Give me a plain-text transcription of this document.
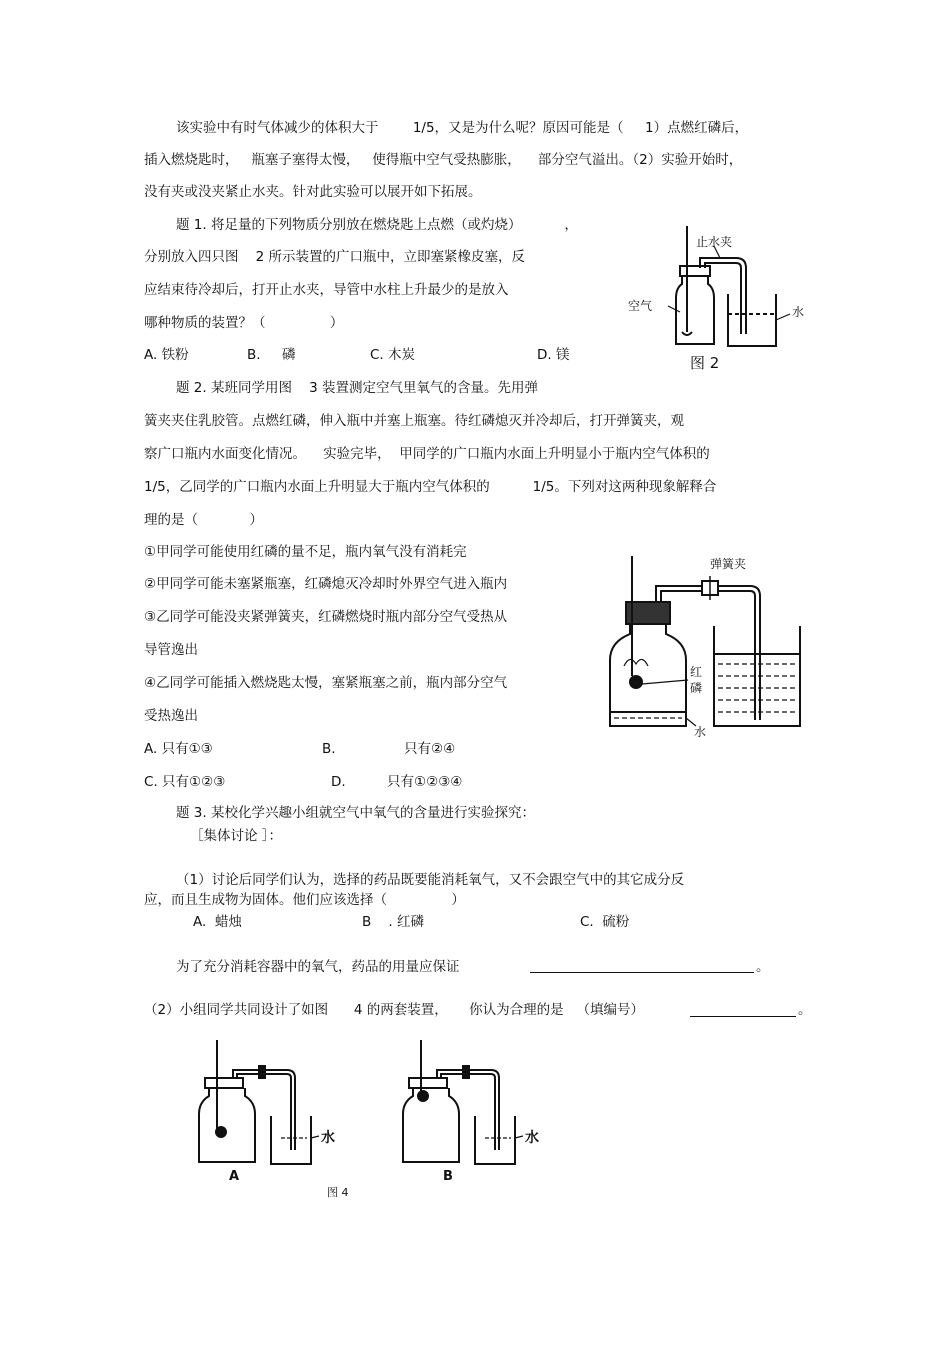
该实验中有时气体减少的体积大于        1/5，又是为什么呢？原因可能是（     1）点燃红磷后，
插入燃烧匙时，   瓶塞子塞得太慢，   使得瓶中空气受热膨胀，    部分空气溢出。（2）实验开始时，
没有夹或没夹紧止水夹。针对此实验可以展开如下拓展。
题 1. 将足量的下列物质分别放在燃烧匙上点燃（或灼烧）          ，
分别放入四只图    2 所示装置的广口瓶中，立即塞紧橡皮塞，反
应结束待冷却后，打开止水夹，导管中水柱上升最少的是放入
哪种物质的装置？（               ）
A. 铁粉	B.     磷	C. 木炭	D. 镁
止水夹
空气	水
图 2
题 2. 某班同学用图    3 装置测定空气里氧气的含量。先用弹
簧夹夹住乳胶管。点燃红磷，伸入瓶中并塞上瓶塞。待红磷熄灭并冷却后，打开弹簧夹，观
察广口瓶内水面变化情况。    实验完毕，  甲同学的广口瓶内水面上升明显小于瓶内空气体积的
1/5，乙同学的广口瓶内水面上升明显大于瓶内空气体积的          1/5。下列对这两种现象解释合
理的是（            ）
①甲同学可能使用红磷的量不足，瓶内氧气没有消耗完
②甲同学可能未塞紧瓶塞，红磷熄灭冷却时外界空气进入瓶内
③乙同学可能没夹紧弹簧夹，红磷燃烧时瓶内部分空气受热从
导管逸出
④乙同学可能插入燃烧匙太慢，塞紧瓶塞之前，瓶内部分空气
受热逸出
A. 只有①③	B.	只有②④
C. 只有①②③	D.	只有①②③④
弹簧夹
红
磷
水
题 3. 某校化学兴趣小组就空气中氧气的含量进行实验探究：
［集体讨论 ］：
（1）讨论后同学们认为，选择的药品既要能消耗氧气，又不会跟空气中的其它成分反
应，而且生成物为固体。他们应该选择（               ）
A.  蜡烛	B    . 红磷	C.  硫粉
为了充分消耗容器中的氧气，药品的用量应保证	。
（2）小组同学共同设计了如图      4 的两套装置，     你认为合理的是   （填编号）	。
水	水
A	B
图 4
